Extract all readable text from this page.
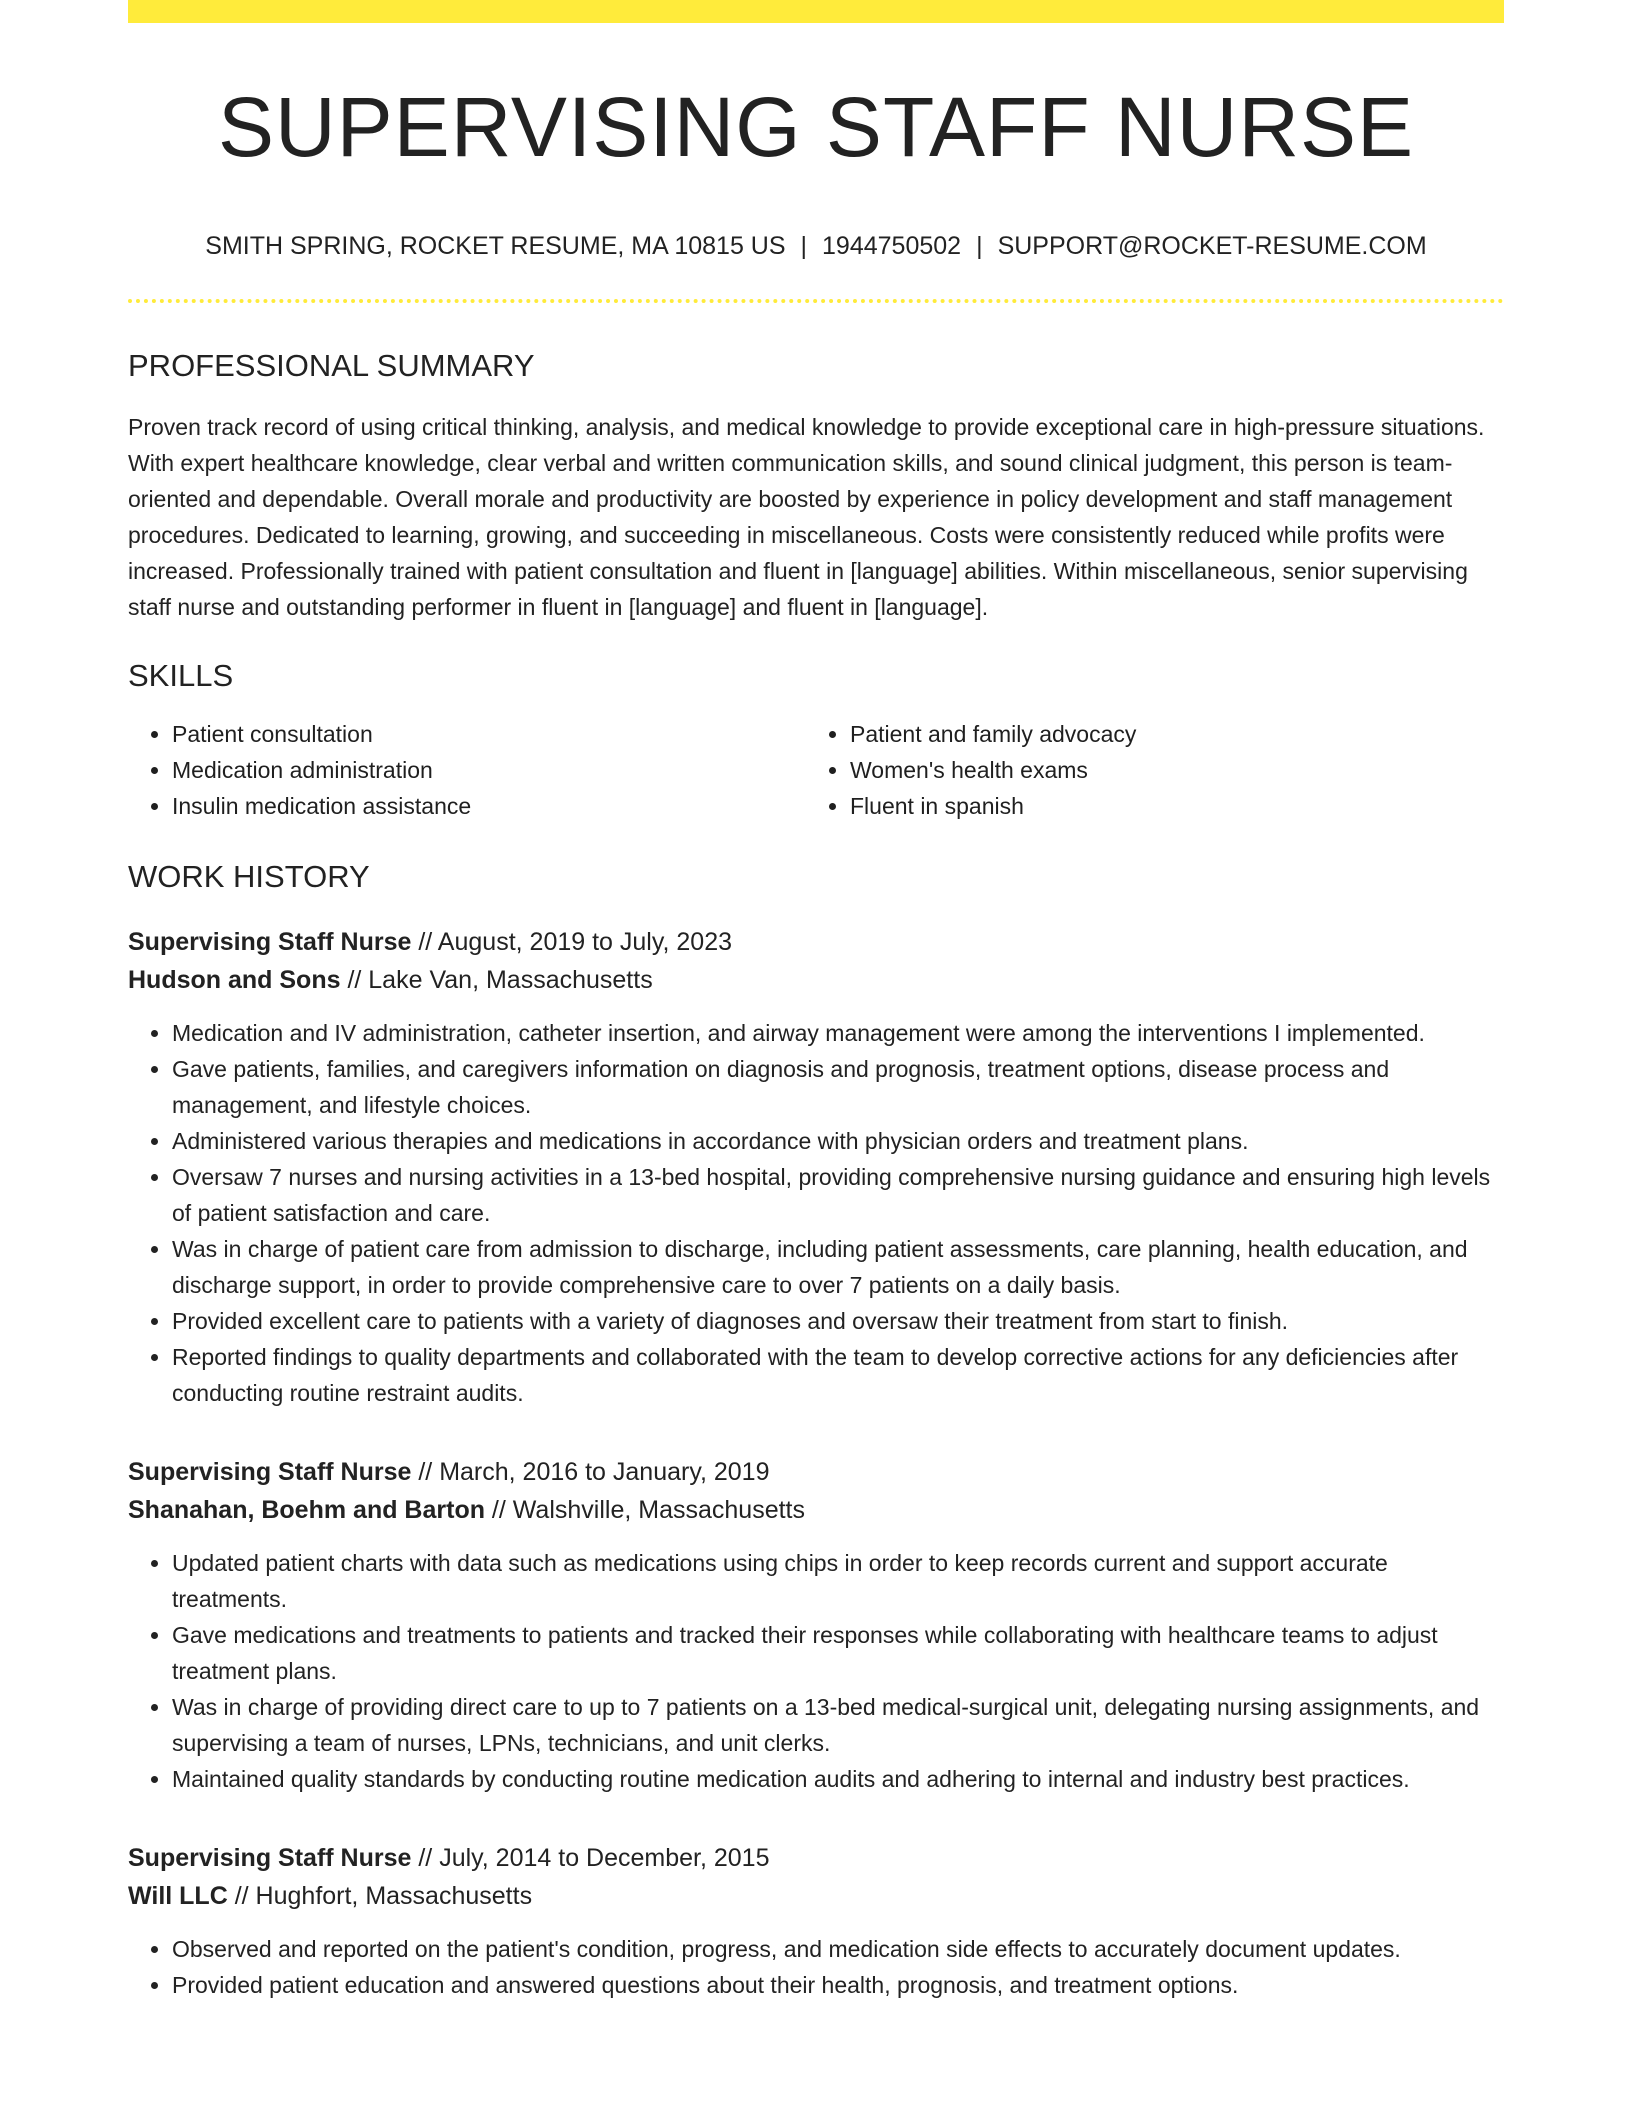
SUPERVISING STAFF NURSE
SMITH SPRING, ROCKET RESUME, MA 10815 US | 1944750502 | SUPPORT@ROCKET-RESUME.COM
PROFESSIONAL SUMMARY

Proven track record of using critical thinking, analysis, and medical knowledge to provide exceptional care in high-pressure situations. With expert healthcare knowledge, clear verbal and written communication skills, and sound clinical judgment, this person is team-oriented and dependable. Overall morale and productivity are boosted by experience in policy development and staff management procedures. Dedicated to learning, growing, and succeeding in miscellaneous. Costs were consistently reduced while profits were increased. Professionally trained with patient consultation and fluent in [language] abilities. Within miscellaneous, senior supervising staff nurse and outstanding performer in fluent in [language] and fluent in [language].

SKILLS
• Patient consultation
• Medication administration
• Insulin medication assistance
• Patient and family advocacy
• Women's health exams
• Fluent in spanish
WORK HISTORY
Supervising Staff Nurse // August, 2019 to July, 2023
Hudson and Sons // Lake Van, Massachusetts
• Medication and IV administration, catheter insertion, and airway management were among the interventions I implemented.
• Gave patients, families, and caregivers information on diagnosis and prognosis, treatment options, disease process and management, and lifestyle choices.
• Administered various therapies and medications in accordance with physician orders and treatment plans.
• Oversaw 7 nurses and nursing activities in a 13-bed hospital, providing comprehensive nursing guidance and ensuring high levels of patient satisfaction and care.
• Was in charge of patient care from admission to discharge, including patient assessments, care planning, health education, and discharge support, in order to provide comprehensive care to over 7 patients on a daily basis.
• Provided excellent care to patients with a variety of diagnoses and oversaw their treatment from start to finish.
• Reported findings to quality departments and collaborated with the team to develop corrective actions for any deficiencies after conducting routine restraint audits.
Supervising Staff Nurse // March, 2016 to January, 2019
Shanahan, Boehm and Barton // Walshville, Massachusetts
• Updated patient charts with data such as medications using chips in order to keep records current and support accurate treatments.
• Gave medications and treatments to patients and tracked their responses while collaborating with healthcare teams to adjust treatment plans.
• Was in charge of providing direct care to up to 7 patients on a 13-bed medical-surgical unit, delegating nursing assignments, and supervising a team of nurses, LPNs, technicians, and unit clerks.
• Maintained quality standards by conducting routine medication audits and adhering to internal and industry best practices.
Supervising Staff Nurse // July, 2014 to December, 2015
Will LLC // Hughfort, Massachusetts
• Observed and reported on the patient's condition, progress, and medication side effects to accurately document updates.
• Provided patient education and answered questions about their health, prognosis, and treatment options.
